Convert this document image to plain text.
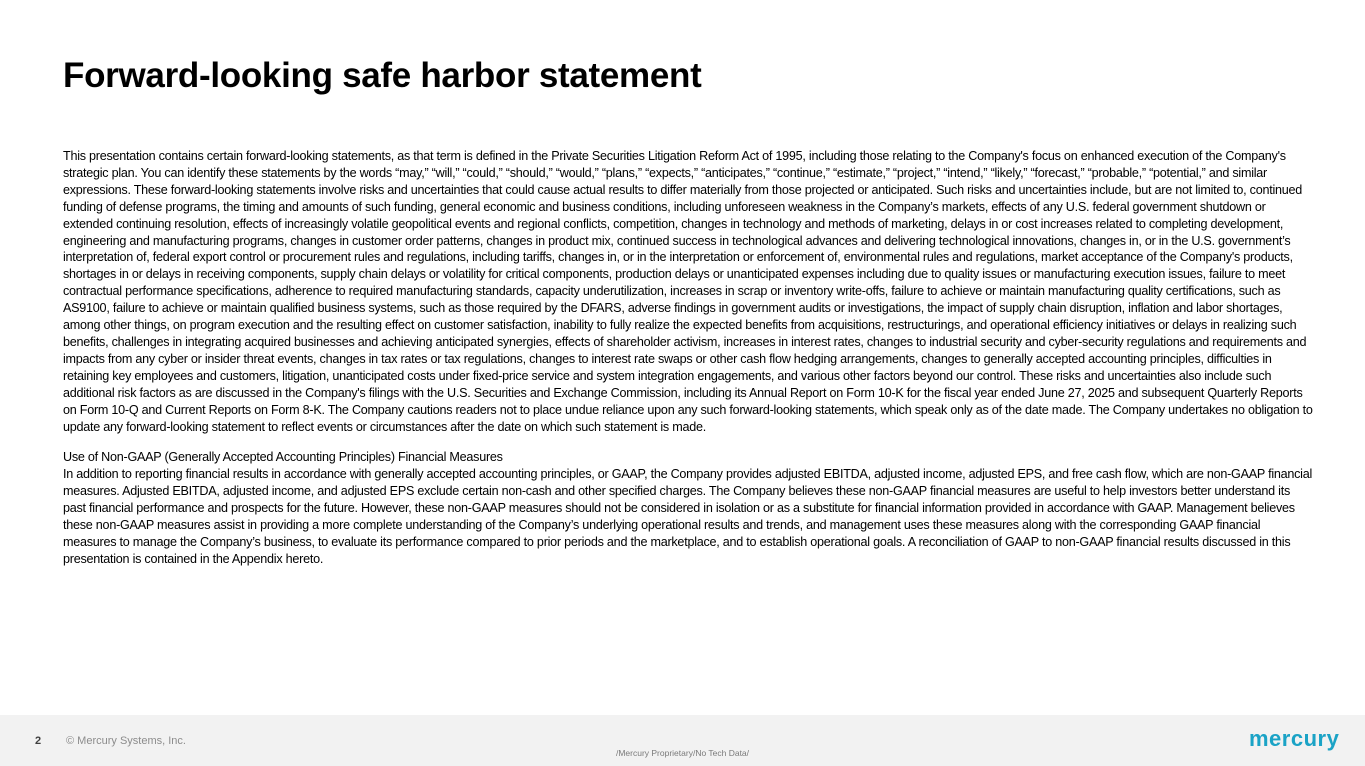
Forward-looking safe harbor statement

This presentation contains certain forward-looking statements, as that term is defined in the Private Securities Litigation Reform Act of 1995, including those relating to the Company's focus on enhanced execution of the Company's strategic plan. You can identify these statements by the words “may,” “will,” “could,” “should,” “would,” “plans,” “expects,” “anticipates,” “continue,” “estimate,” “project,” “intend,” “likely,” “forecast,” “probable,” “potential,” and similar expressions. These forward-looking statements involve risks and uncertainties that could cause actual results to differ materially from those projected or anticipated. Such risks and uncertainties include, but are not limited to, continued funding of defense programs, the timing and amounts of such funding, general economic and business conditions, including unforeseen weakness in the Company’s markets, effects of any U.S. federal government shutdown or extended continuing resolution, effects of increasingly volatile geopolitical events and regional conflicts, competition, changes in technology and methods of marketing, delays in or cost increases related to completing development, engineering and manufacturing programs, changes in customer order patterns, changes in product mix, continued success in technological advances and delivering technological innovations, changes in, or in the U.S. government’s interpretation of, federal export control or procurement rules and regulations, including tariffs, changes in, or in the interpretation or enforcement of, environmental rules and regulations, market acceptance of the Company's products, shortages in or delays in receiving components, supply chain delays or volatility for critical components, production delays or unanticipated expenses including due to quality issues or manufacturing execution issues, failure to meet contractual performance specifications, adherence to required manufacturing standards, capacity underutilization, increases in scrap or inventory write-offs, failure to achieve or maintain manufacturing quality certifications, such as AS9100, failure to achieve or maintain qualified business systems, such as those required by the DFARS, adverse findings in government audits or investigations, the impact of supply chain disruption, inflation and labor shortages, among other things, on program execution and the resulting effect on customer satisfaction, inability to fully realize the expected benefits from acquisitions, restructurings, and operational efficiency initiatives or delays in realizing such benefits, challenges in integrating acquired businesses and achieving anticipated synergies, effects of shareholder activism, increases in interest rates, changes to industrial security and cyber-security regulations and requirements and impacts from any cyber or insider threat events, changes in tax rates or tax regulations, changes to interest rate swaps or other cash flow hedging arrangements, changes to generally accepted accounting principles, difficulties in retaining key employees and customers, litigation, unanticipated costs under fixed-price service and system integration engagements, and various other factors beyond our control. These risks and uncertainties also include such additional risk factors as are discussed in the Company's filings with the U.S. Securities and Exchange Commission, including its Annual Report on Form 10-K for the fiscal year ended June 27, 2025 and subsequent Quarterly Reports on Form 10-Q and Current Reports on Form 8-K. The Company cautions readers not to place undue reliance upon any such forward-looking statements, which speak only as of the date made. The Company undertakes no obligation to update any forward-looking statement to reflect events or circumstances after the date on which such statement is made.

Use of Non-GAAP (Generally Accepted Accounting Principles) Financial Measures

In addition to reporting financial results in accordance with generally accepted accounting principles, or GAAP, the Company provides adjusted EBITDA, adjusted income, adjusted EPS, and free cash flow, which are non-GAAP financial measures. Adjusted EBITDA, adjusted income, and adjusted EPS exclude certain non-cash and other specified charges. The Company believes these non-GAAP financial measures are useful to help investors better understand its past financial performance and prospects for the future. However, these non-GAAP measures should not be considered in isolation or as a substitute for financial information provided in accordance with GAAP. Management believes these non-GAAP measures assist in providing a more complete understanding of the Company’s underlying operational results and trends, and management uses these measures along with the corresponding GAAP financial measures to manage the Company’s business, to evaluate its performance compared to prior periods and the marketplace, and to establish operational goals. A reconciliation of GAAP to non-GAAP financial results discussed in this presentation is contained in the Appendix hereto.

2 © Mercury Systems, Inc.
/Mercury Proprietary/No Tech Data/
mercury
